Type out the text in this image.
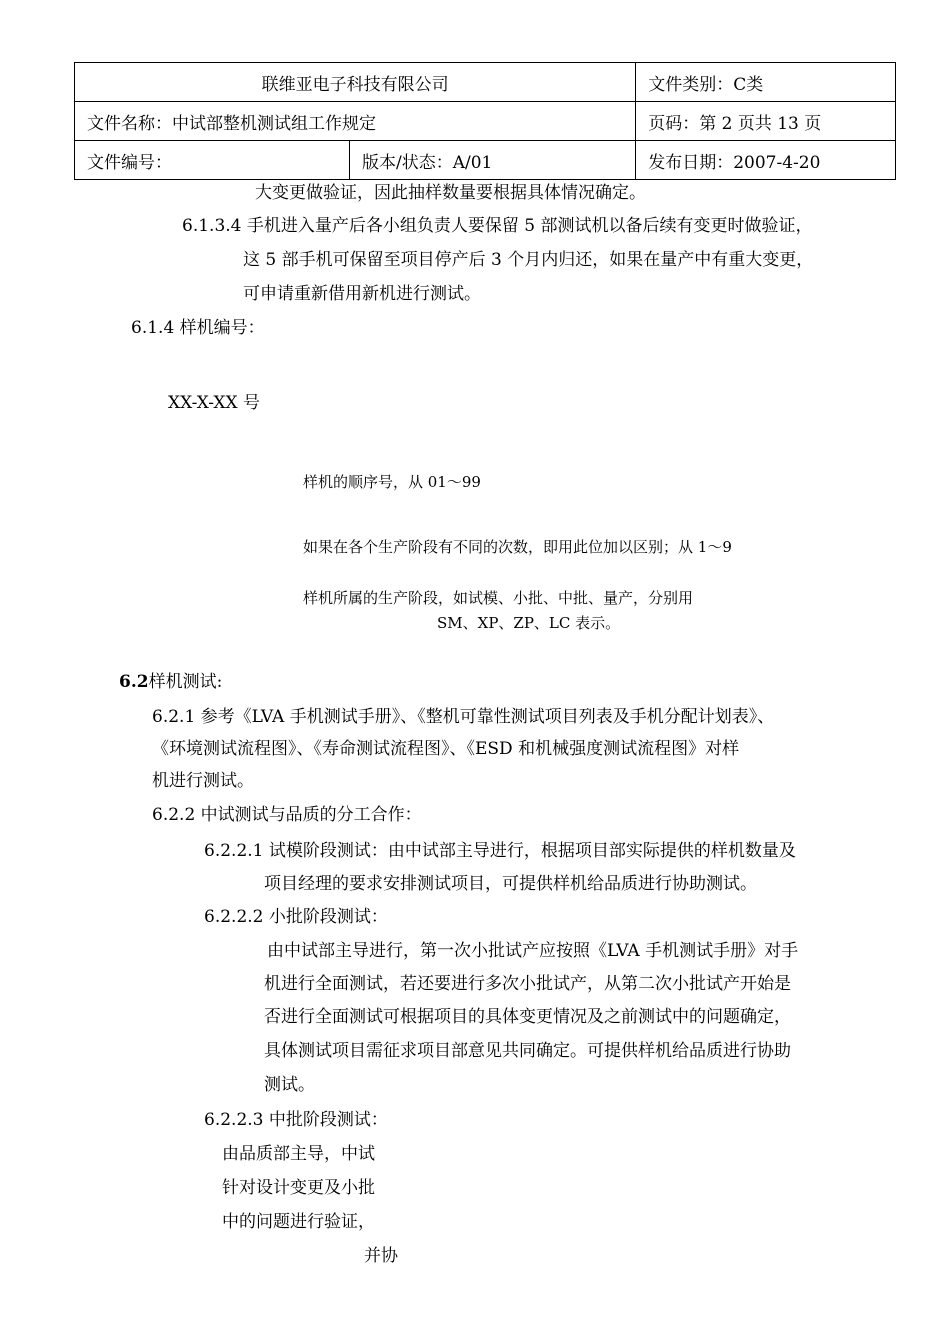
联维亚电子科技有限公司		文件类别：C类
文件名称：中试部整机测试组工作规定		页码：第 2 页共 13 页
文件编号：	版本/状态：A/01	发布日期：2007-4-20
大变更做验证，因此抽样数量要根据具体情况确定。
6.1.3.4 手机进入量产后各小组负责人要保留 5 部测试机以备后续有变更时做验证，
这 5 部手机可保留至项目停产后 3 个月内归还，如果在量产中有重大变更，
可申请重新借用新机进行测试。
6.1.4 样机编号：
XX-X-XX 号
样机的顺序号，从 01～99
如果在各个生产阶段有不同的次数，即用此位加以区别；从 1～9
样机所属的生产阶段，如试模、小批、中批、量产，分别用
SM、XP、ZP、LC 表示。
6.2样机测试:
6.2.1 参考《LVA 手机测试手册》、《整机可靠性测试项目列表及手机分配计划表》、
《环境测试流程图》、《寿命测试流程图》、《ESD 和机械强度测试流程图》对样
机进行测试。
6.2.2 中试测试与品质的分工合作：
6.2.2.1 试模阶段测试：由中试部主导进行，根据项目部实际提供的样机数量及
项目经理的要求安排测试项目，可提供样机给品质进行协助测试。
6.2.2.2 小批阶段测试：
由中试部主导进行，第一次小批试产应按照《LVA 手机测试手册》对手
机进行全面测试，若还要进行多次小批试产，从第二次小批试产开始是
否进行全面测试可根据项目的具体变更情况及之前测试中的问题确定，
具体测试项目需征求项目部意见共同确定。可提供样机给品质进行协助
测试。
6.2.2.3 中批阶段测试：
由品质部主导，中试
针对设计变更及小批
中的问题进行验证，
并协
